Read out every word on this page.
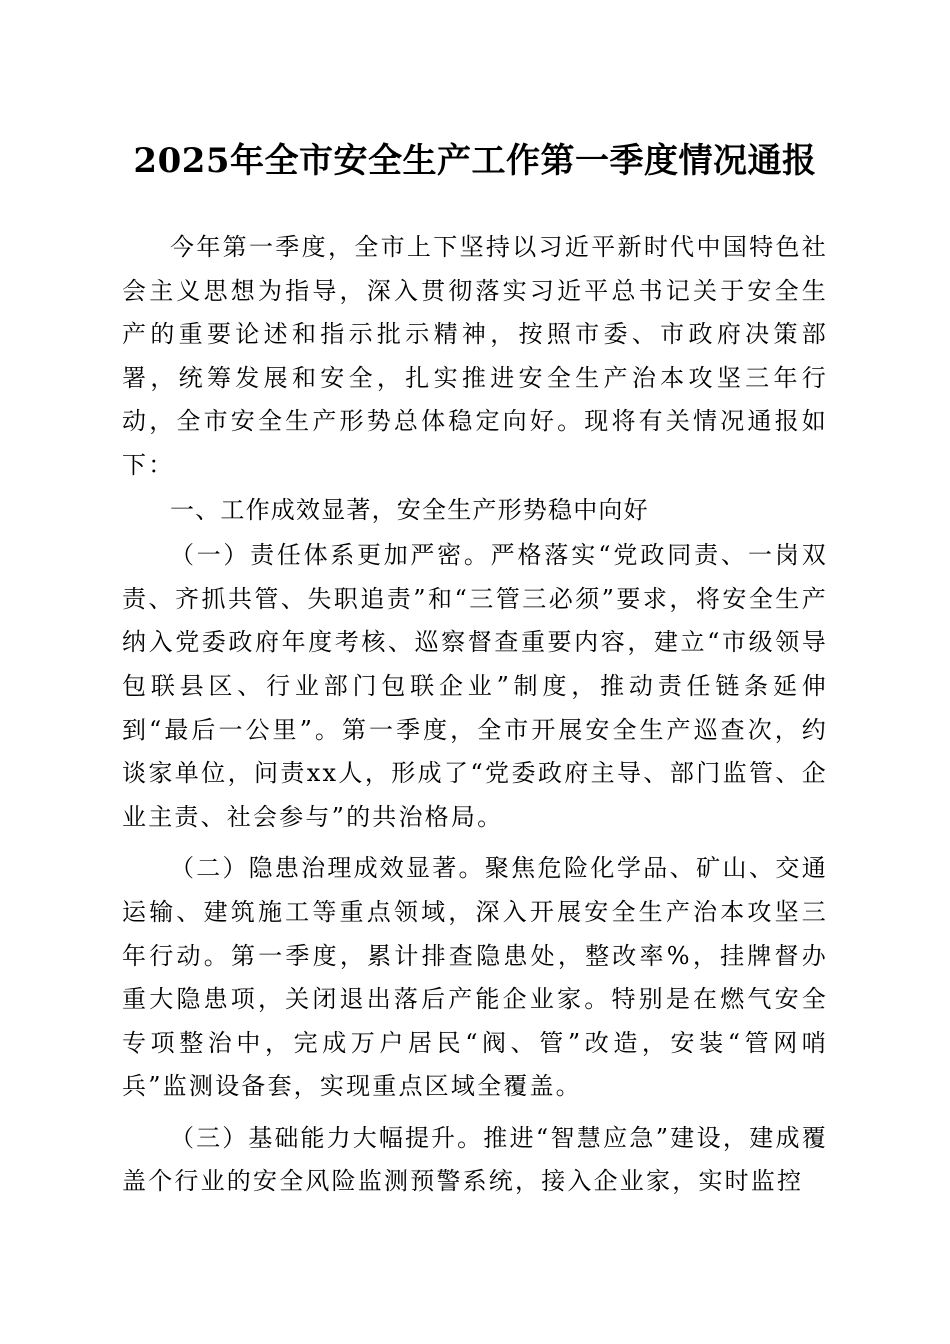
2025年全市安全生产工作第一季度情况通报

今年第一季度，全市上下坚持以习近平新时代中国特色社会主义思想为指导，深入贯彻落实习近平总书记关于安全生产的重要论述和指示批示精神，按照市委、市政府决策部署，统筹发展和安全，扎实推进安全生产治本攻坚三年行动，全市安全生产形势总体稳定向好。现将有关情况通报如下：

一、工作成效显著，安全生产形势稳中向好

（一）责任体系更加严密。严格落实“党政同责、一岗双责、齐抓共管、失职追责”和“三管三必须”要求，将安全生产纳入党委政府年度考核、巡察督查重要内容，建立“市级领导包联县区、行业部门包联企业”制度，推动责任链条延伸到“最后一公里”。第一季度，全市开展安全生产巡查次，约谈家单位，问责xx人，形成了“党委政府主导、部门监管、企业主责、社会参与”的共治格局。

（二）隐患治理成效显著。聚焦危险化学品、矿山、交通运输、建筑施工等重点领域，深入开展安全生产治本攻坚三年行动。第一季度，累计排查隐患处，整改率%，挂牌督办重大隐患项，关闭退出落后产能企业家。特别是在燃气安全专项整治中，完成万户居民“阀、管”改造，安装“管网哨兵”监测设备套，实现重点区域全覆盖。

（三）基础能力大幅提升。推进“智慧应急”建设，建成覆盖个行业的安全风险监测预警系统，接入企业家，实时监控
